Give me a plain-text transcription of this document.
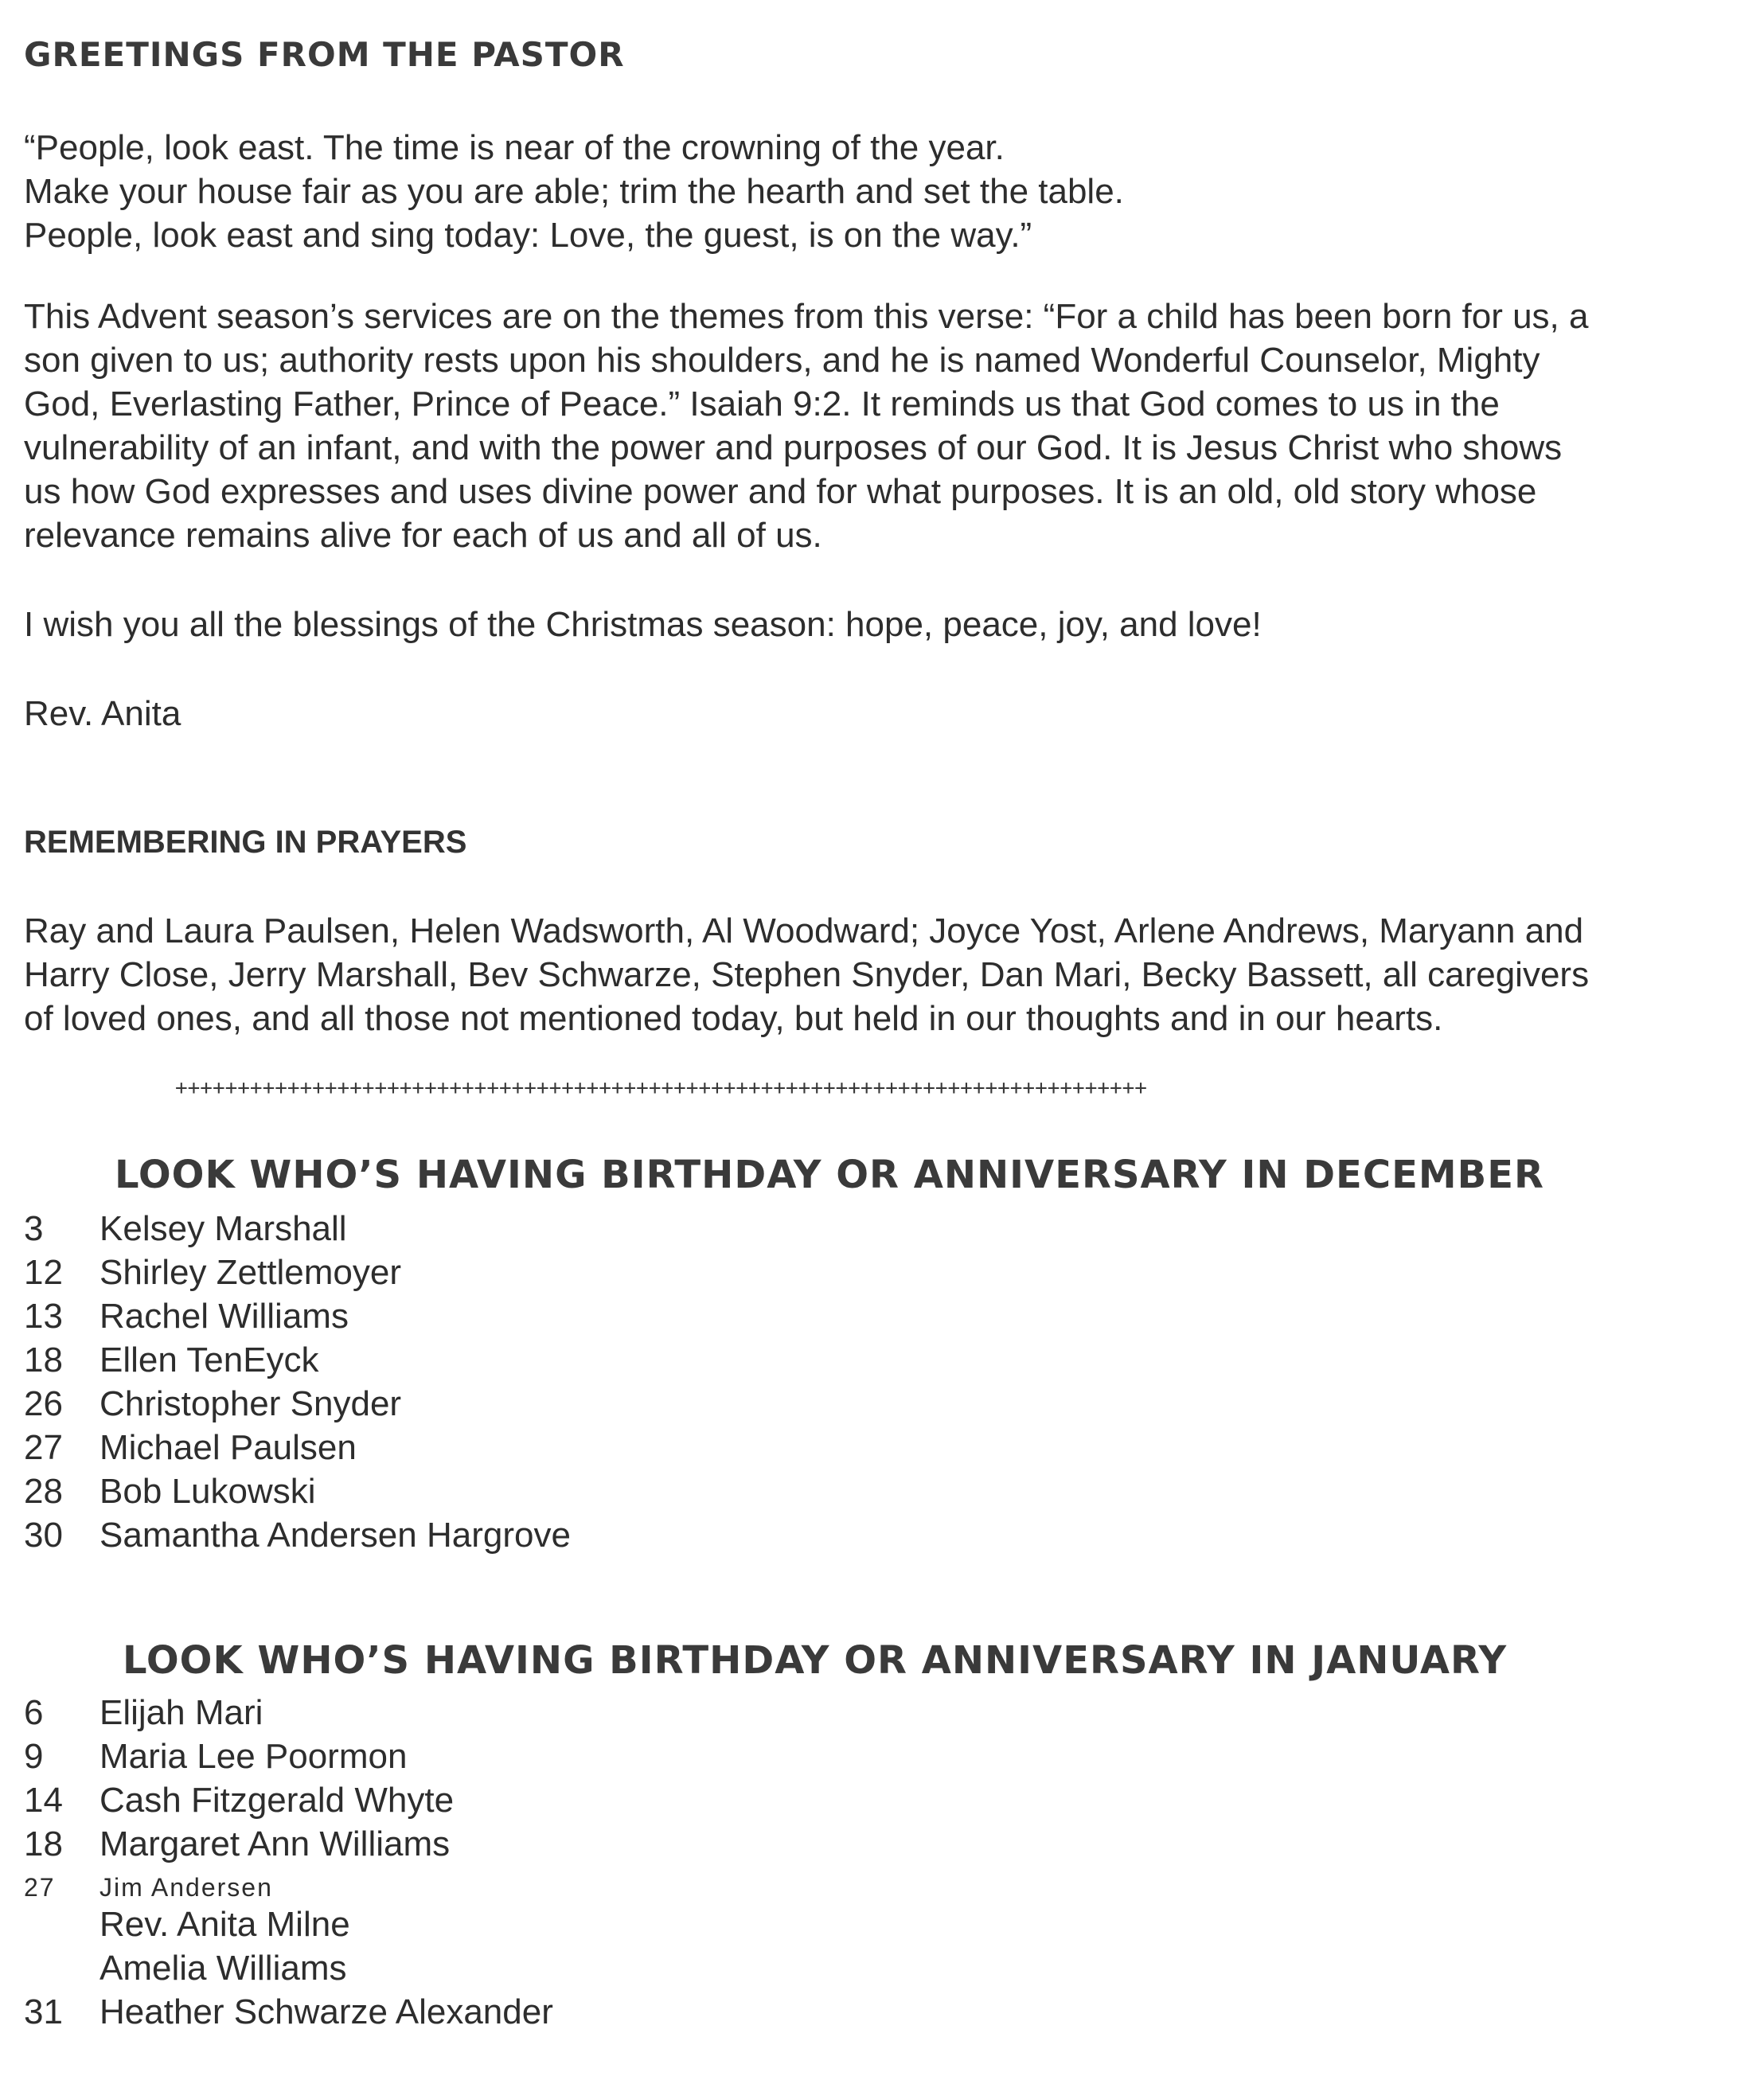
GREETINGS FROM THE PASTOR
“People, look east. The time is near of the crowning of the year.
Make your house fair as you are able; trim the hearth and set the table.
People, look east and sing today: Love, the guest, is on the way.”
This Advent season’s services are on the themes from this verse: “For a child has been born for us, a
son given to us; authority rests upon his shoulders, and he is named Wonderful Counselor, Mighty
God, Everlasting Father, Prince of Peace.” Isaiah 9:2. It reminds us that God comes to us in the
vulnerability of an infant, and with the power and purposes of our God. It is Jesus Christ who shows
us how God expresses and uses divine power and for what purposes. It is an old, old story whose
relevance remains alive for each of us and all of us.
I wish you all the blessings of the Christmas season: hope, peace, joy, and love!
Rev. Anita
REMEMBERING IN PRAYERS
Ray and Laura Paulsen, Helen Wadsworth, Al Woodward; Joyce Yost, Arlene Andrews, Maryann and
Harry Close, Jerry Marshall, Bev Schwarze, Stephen Snyder, Dan Mari, Becky Bassett, all caregivers
of loved ones, and all those not mentioned today, but held in our thoughts and in our hearts.
++++++++++++++++++++++++++++++++++++++++++++++++++++++++++++++++++++++++++++++
LOOK WHO’S HAVING BIRTHDAY OR ANNIVERSARY IN DECEMBER
3	Kelsey Marshall
12	Shirley Zettlemoyer
13	Rachel Williams
18	Ellen TenEyck
26	Christopher Snyder
27	Michael Paulsen
28	Bob Lukowski
30	Samantha Andersen Hargrove
LOOK WHO’S HAVING BIRTHDAY OR ANNIVERSARY IN JANUARY
6	Elijah Mari
9	Maria Lee Poormon
14	Cash Fitzgerald Whyte
18	Margaret Ann Williams
27	Jim Andersen
Rev. Anita Milne
Amelia Williams
31	Heather Schwarze Alexander
